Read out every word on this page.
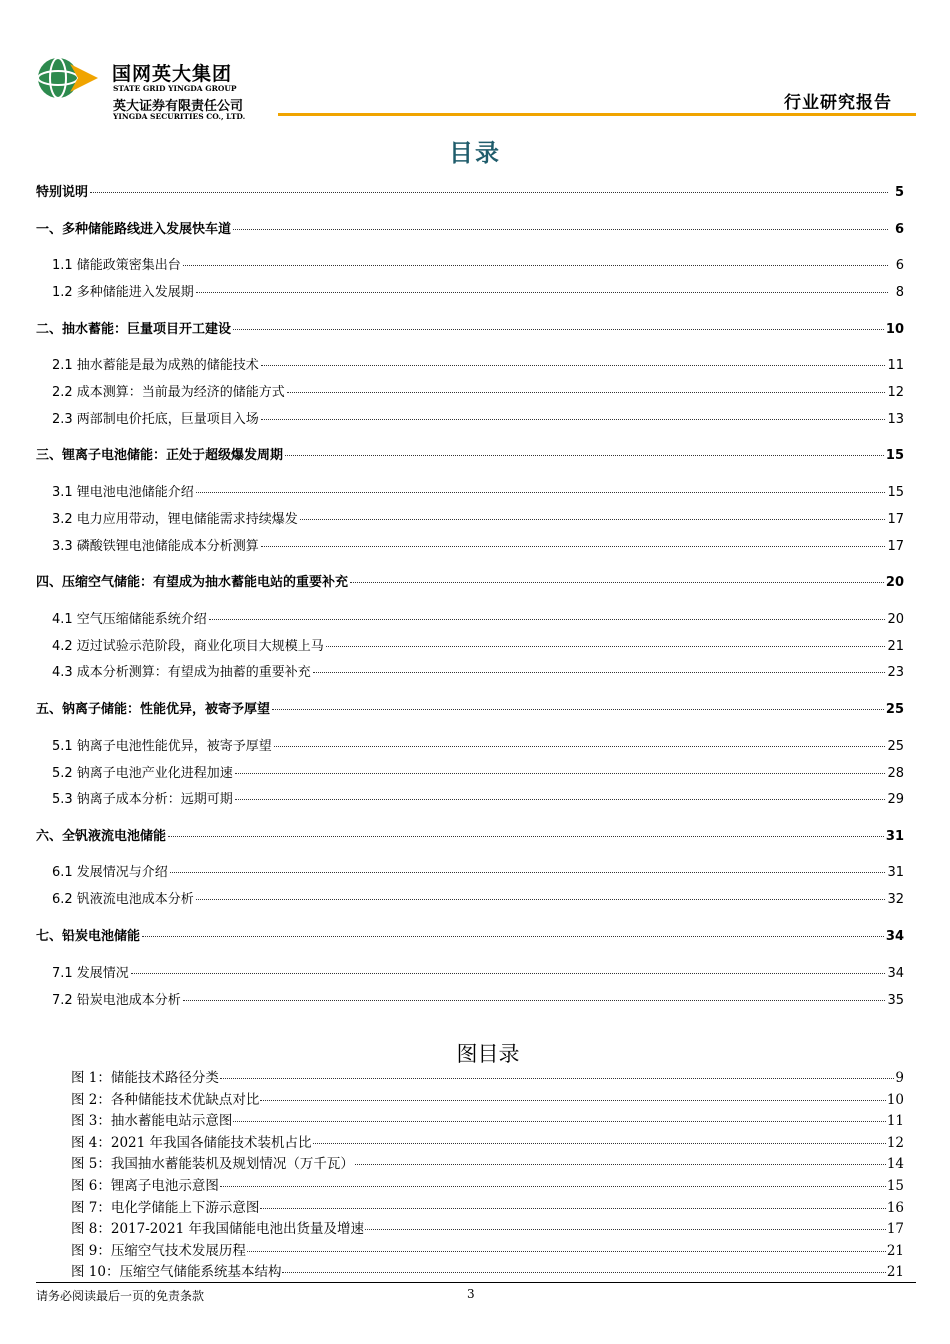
国网英大集团
STATE GRID YINGDA GROUP
英大证券有限责任公司
YINGDA SECURITIES CO., LTD.
行业研究报告
目录
特别说明	5
一、多种储能路线进入发展快车道	6
1.1 储能政策密集出台	6
1.2 多种储能进入发展期	8
二、抽水蓄能：巨量项目开工建设	10
2.1 抽水蓄能是最为成熟的储能技术	11
2.2 成本测算：当前最为经济的储能方式	12
2.3 两部制电价托底，巨量项目入场	13
三、锂离子电池储能：正处于超级爆发周期	15
3.1 锂电池电池储能介绍	15
3.2 电力应用带动，锂电储能需求持续爆发	17
3.3 磷酸铁锂电池储能成本分析测算	17
四、压缩空气储能：有望成为抽水蓄能电站的重要补充	20
4.1 空气压缩储能系统介绍	20
4.2 迈过试验示范阶段，商业化项目大规模上马	21
4.3 成本分析测算：有望成为抽蓄的重要补充	23
五、钠离子储能：性能优异，被寄予厚望	25
5.1 钠离子电池性能优异，被寄予厚望	25
5.2 钠离子电池产业化进程加速	28
5.3 钠离子成本分析：远期可期	29
六、全钒液流电池储能	31
6.1 发展情况与介绍	31
6.2 钒液流电池成本分析	32
七、铅炭电池储能	34
7.1 发展情况	34
7.2 铅炭电池成本分析	35
图目录
图 1：储能技术路径分类	9
图 2：各种储能技术优缺点对比	10
图 3：抽水蓄能电站示意图	11
图 4：2021 年我国各储能技术装机占比	12
图 5：我国抽水蓄能装机及规划情况（万千瓦）	14
图 6：锂离子电池示意图	15
图 7：电化学储能上下游示意图	16
图 8：2017-2021 年我国储能电池出货量及增速	17
图 9：压缩空气技术发展历程	21
图 10：压缩空气储能系统基本结构	21
请务必阅读最后一页的免责条款	3
